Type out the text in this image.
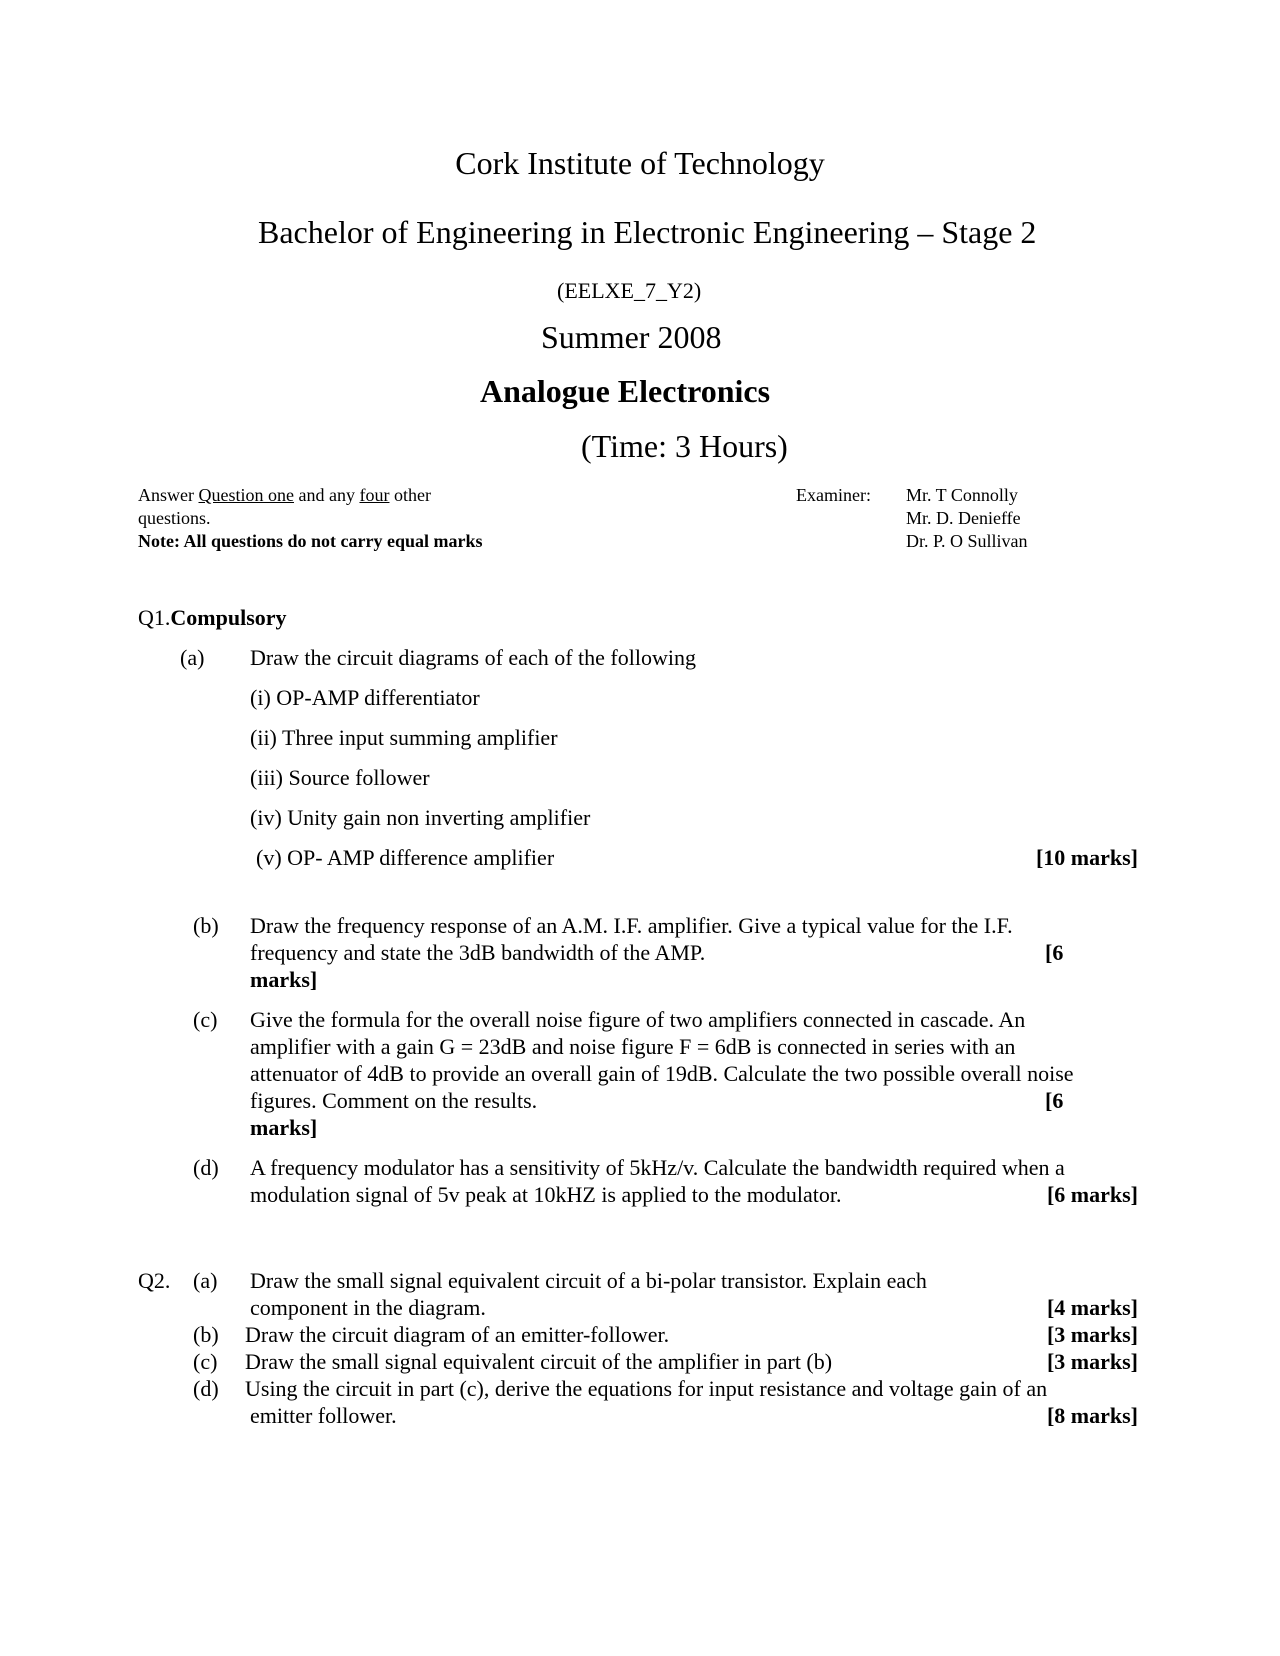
Cork Institute of Technology
Bachelor of Engineering in Electronic Engineering – Stage 2
(EELXE_7_Y2)
Summer 2008
Analogue Electronics
(Time: 3 Hours)
Answer Question one and any four other
questions.
Note: All questions do not carry equal marks
Examiner: Mr. T Connolly
Mr. D. Denieffe
Dr. P. O Sullivan
Q1.Compulsory
(a) Draw the circuit diagrams of each of the following
(i) OP-AMP differentiator
(ii) Three input summing amplifier
(iii) Source follower
(iv) Unity gain non inverting amplifier
(v) OP- AMP difference amplifier	[10 marks]
(b) Draw the frequency response of an A.M. I.F. amplifier. Give a typical value for the I.F.
frequency and state the 3dB bandwidth of the AMP.	[6
marks]
(c) Give the formula for the overall noise figure of two amplifiers connected in cascade. An
amplifier with a gain G = 23dB and noise figure F = 6dB is connected in series with an
attenuator of 4dB to provide an overall gain of 19dB. Calculate the two possible overall noise
figures. Comment on the results.	[6
marks]
(d) A frequency modulator has a sensitivity of 5kHz/v. Calculate the bandwidth required when a
modulation signal of 5v peak at 10kHZ is applied to the modulator.	[6 marks]
Q2. (a) Draw the small signal equivalent circuit of a bi-polar transistor. Explain each
component in the diagram.	[4 marks]
(b) Draw the circuit diagram of an emitter-follower.	[3 marks]
(c) Draw the small signal equivalent circuit of the amplifier in part (b)	[3 marks]
(d) Using the circuit in part (c), derive the equations for input resistance and voltage gain of an
emitter follower.	[8 marks]
